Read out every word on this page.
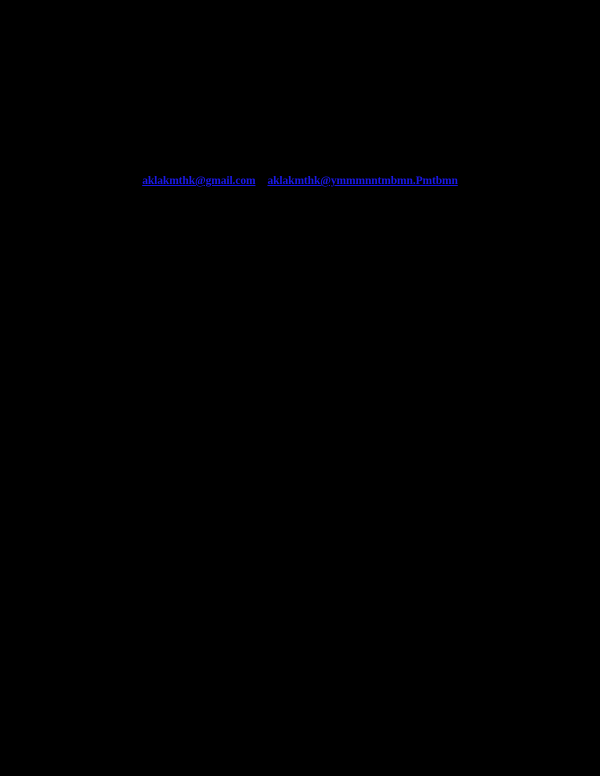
aklakmthk@gmail.com aklakmthk@ymmmnntmbmn.Pmtbmn
